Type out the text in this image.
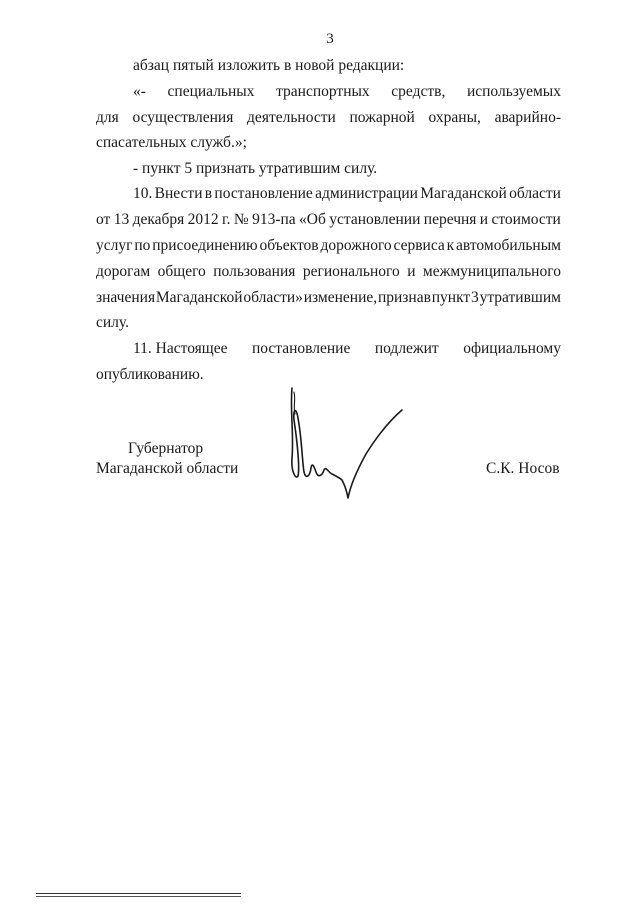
3
абзац пятый изложить в новой редакции:
«- специальных транспортных средств, используемых
для осуществления деятельности пожарной охраны, аварийно-
спасательных служб.»;
- пункт 5 признать утратившим силу.
10. Внести в постановление администрации Магаданской области
от 13 декабря 2012 г. № 913-па «Об установлении перечня и стоимости
услуг по присоединению объектов дорожного сервиса к автомобильным
дорогам общего пользования регионального и межмуниципального
значения Магаданской области» изменение, признав пункт 3 утратившим
силу.
11. Настоящее постановление подлежит официальному
опубликованию.
Губернатор
Магаданской области	С.К. Носов
